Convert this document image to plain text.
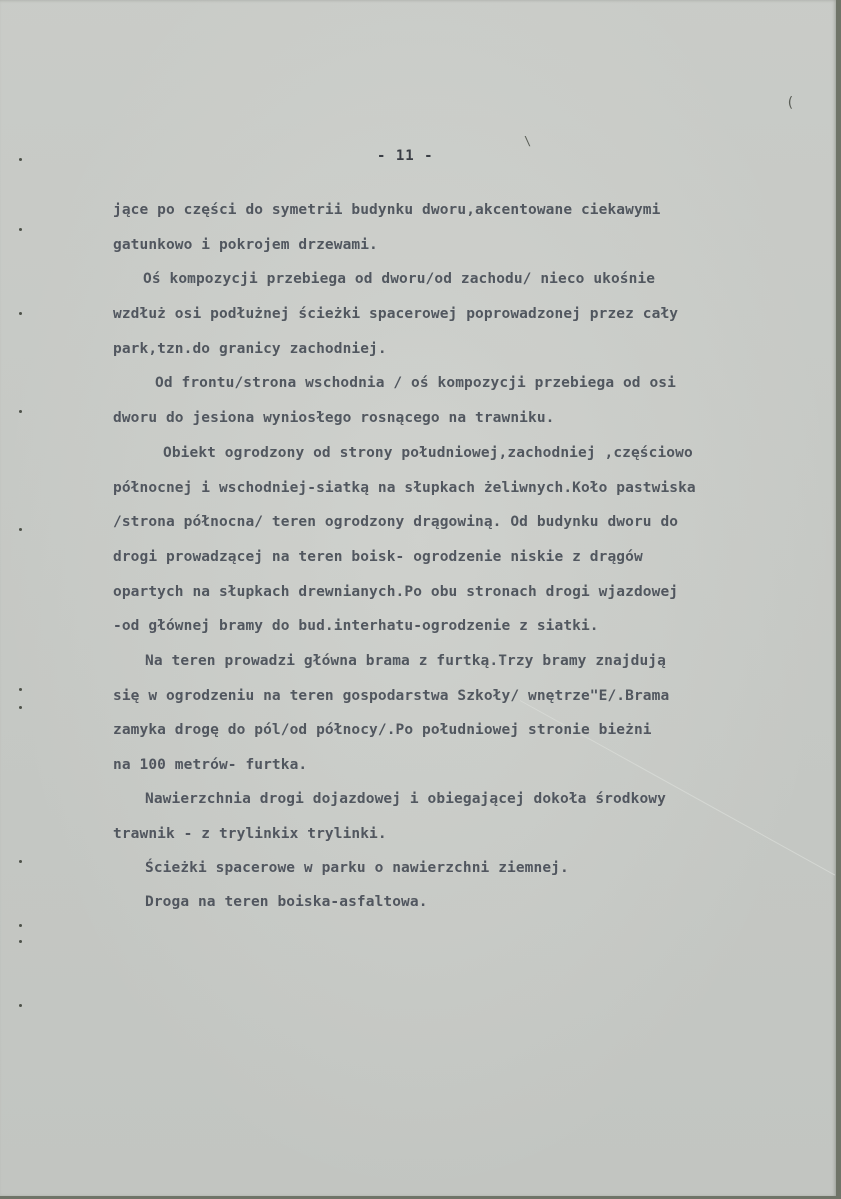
(
\
- 11 -
jące po części do symetrii budynku dworu,akcentowane ciekawymi
gatunkowo i pokrojem drzewami.
Oś kompozycji przebiega od dworu/od zachodu/ nieco ukośnie
wzdłuż osi podłużnej ścieżki spacerowej poprowadzonej przez cały
park,tzn.do granicy zachodniej.
Od frontu/strona wschodnia / oś kompozycji przebiega od osi
dworu do jesiona wyniosłego rosnącego na trawniku.
Obiekt ogrodzony od strony południowej,zachodniej ,częściowo
północnej i wschodniej-siatką na słupkach żeliwnych.Koło pastwiska
/strona północna/ teren ogrodzony drągowiną. Od budynku dworu do
drogi prowadzącej na teren boisk- ogrodzenie niskie z drągów
opartych na słupkach drewnianych.Po obu stronach drogi wjazdowej
-od głównej bramy do bud.interhatu-ogrodzenie z siatki.
Na teren prowadzi główna brama z furtką.Trzy bramy znajdują
się w ogrodzeniu na teren gospodarstwa Szkoły/ wnętrze"E/.Brama
zamyka drogę do pól/od północy/.Po południowej stronie bieżni
na 100 metrów- furtka.
Nawierzchnia drogi dojazdowej i obiegającej dokoła środkowy
trawnik - z trylinkix trylinki.
Ścieżki spacerowe w parku o nawierzchni ziemnej.
Droga na teren boiska-asfaltowa.
